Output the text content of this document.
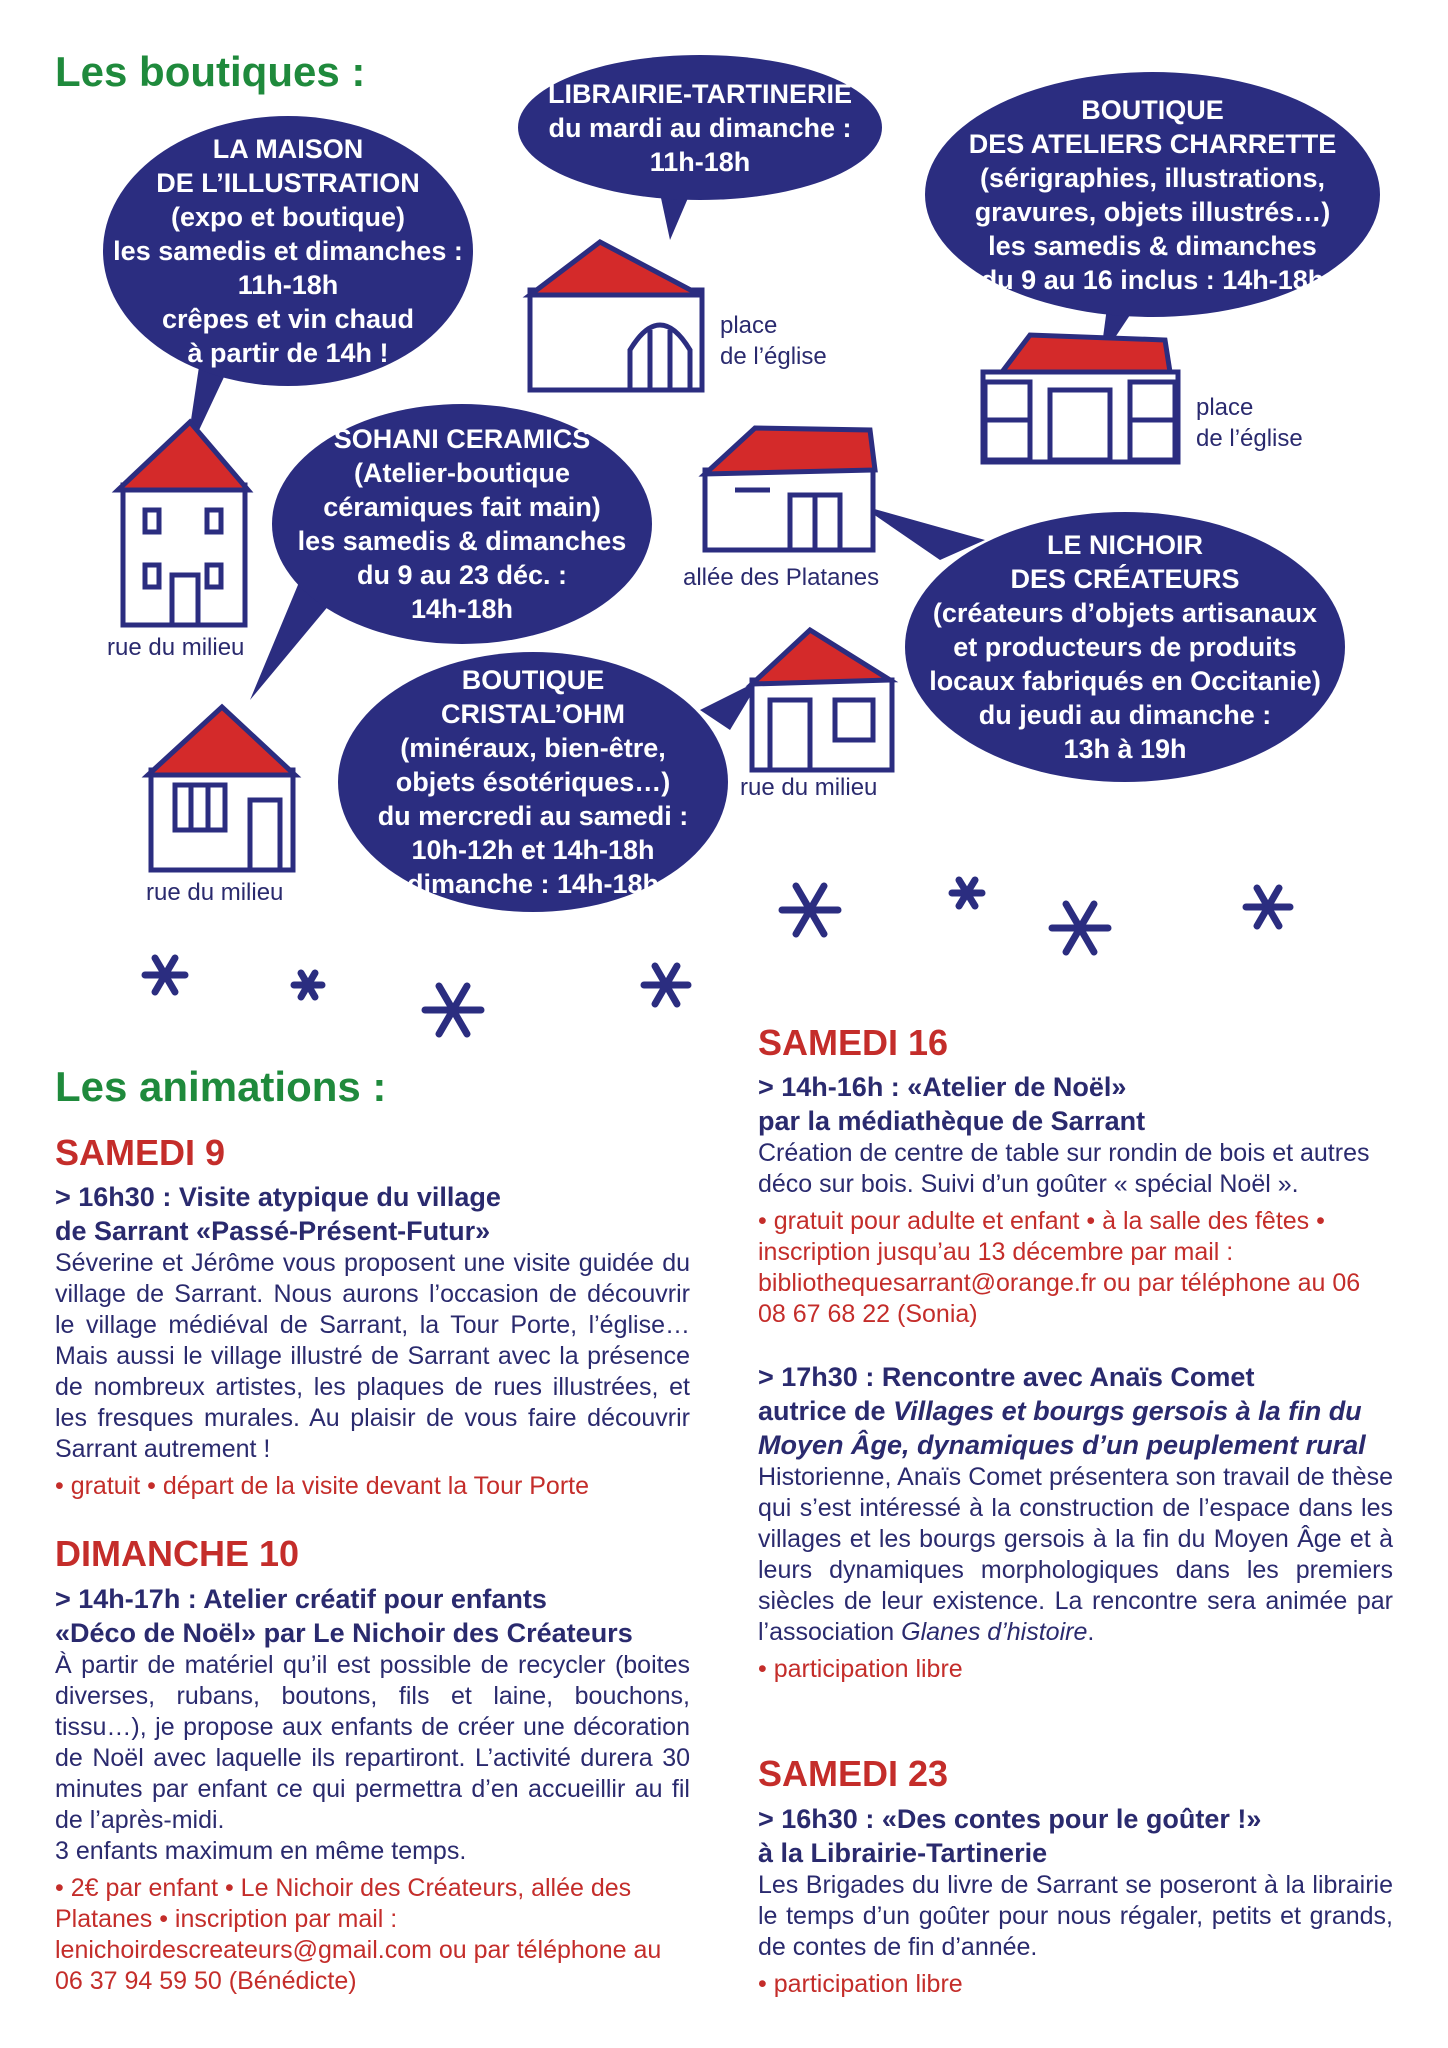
Les boutiques :
LA MAISON
DE L’ILLUSTRATION
(expo et boutique)
les samedis et dimanches :
11h-18h
crêpes et vin chaud
à partir de 14h !
LIBRAIRIE-TARTINERIE
du mardi au dimanche :
11h-18h
BOUTIQUE
DES ATELIERS CHARRETTE
(sérigraphies, illustrations,
gravures, objets illustrés…)
les samedis & dimanches
du 9 au 16 inclus : 14h-18h
SOHANI CERAMICS
(Atelier-boutique
céramiques fait main)
les samedis & dimanches
du 9 au 23 déc. :
14h-18h
LE NICHOIR
DES CRÉATEURS
(créateurs d’objets artisanaux
et producteurs de produits
locaux fabriqués en Occitanie)
du jeudi au dimanche :
13h à 19h
BOUTIQUE
CRISTAL’OHM
(minéraux, bien-être,
objets ésotériques…)
du mercredi au samedi :
10h-12h et 14h-18h
dimanche : 14h-18h
place
de l’église
place
de l’église
rue du milieu
allée des Platanes
rue du milieu
rue du milieu
Les animations :
SAMEDI 9
> 16h30 : Visite atypique du village
de Sarrant «Passé-Présent-Futur»

Séverine et Jérôme vous proposent une visite guidée du village de Sarrant. Nous aurons l’occasion de découvrir le village médiéval de Sarrant, la Tour Porte, l’église… Mais aussi le village illustré de Sarrant avec la présence de nombreux artistes, les plaques de rues illustrées, et les fresques murales. Au plaisir de vous faire découvrir Sarrant autrement !

• gratuit • départ de la visite devant la Tour Porte

DIMANCHE 10
> 14h-17h : Atelier créatif pour enfants
«Déco de Noël» par Le Nichoir des Créateurs

À partir de matériel qu’il est possible de recycler (boites diverses, rubans, boutons, fils et laine, bouchons, tissu…), je propose aux enfants de créer une décoration de Noël avec laquelle ils repartiront. L’activité durera 30 minutes par enfant ce qui permettra d’en accueillir au fil de l’après-midi.

3 enfants maximum en même temps.

• 2€ par enfant • Le Nichoir des Créateurs, allée des Platanes • inscription par mail : lenichoirdescreateurs@gmail.com ou par téléphone au 06 37 94 59 50 (Bénédicte)

SAMEDI 16
> 14h-16h : «Atelier de Noël»
par la médiathèque de Sarrant

Création de centre de table sur rondin de bois et autres déco sur bois. Suivi d’un goûter « spécial Noël ».

• gratuit pour adulte et enfant • à la salle des fêtes • inscription jusqu’au 13 décembre par mail : bibliothequesarrant@orange.fr ou par téléphone au 06 08 67 68 22 (Sonia)

> 17h30 : Rencontre avec Anaïs Comet
autrice de Villages et bourgs gersois à la fin du Moyen Âge, dynamiques d’un peuplement rural

Historienne, Anaïs Comet présentera son travail de thèse qui s’est intéressé à la construction de l’espace dans les villages et les bourgs gersois à la fin du Moyen Âge et à leurs dynamiques morphologiques dans les premiers siècles de leur existence. La rencontre sera animée par l’association Glanes d’histoire.

• participation libre

SAMEDI 23
> 16h30 : «Des contes pour le goûter !»
à la Librairie-Tartinerie

Les Brigades du livre de Sarrant se poseront à la librairie le temps d’un goûter pour nous régaler, petits et grands, de contes de fin d’année.

• participation libre
